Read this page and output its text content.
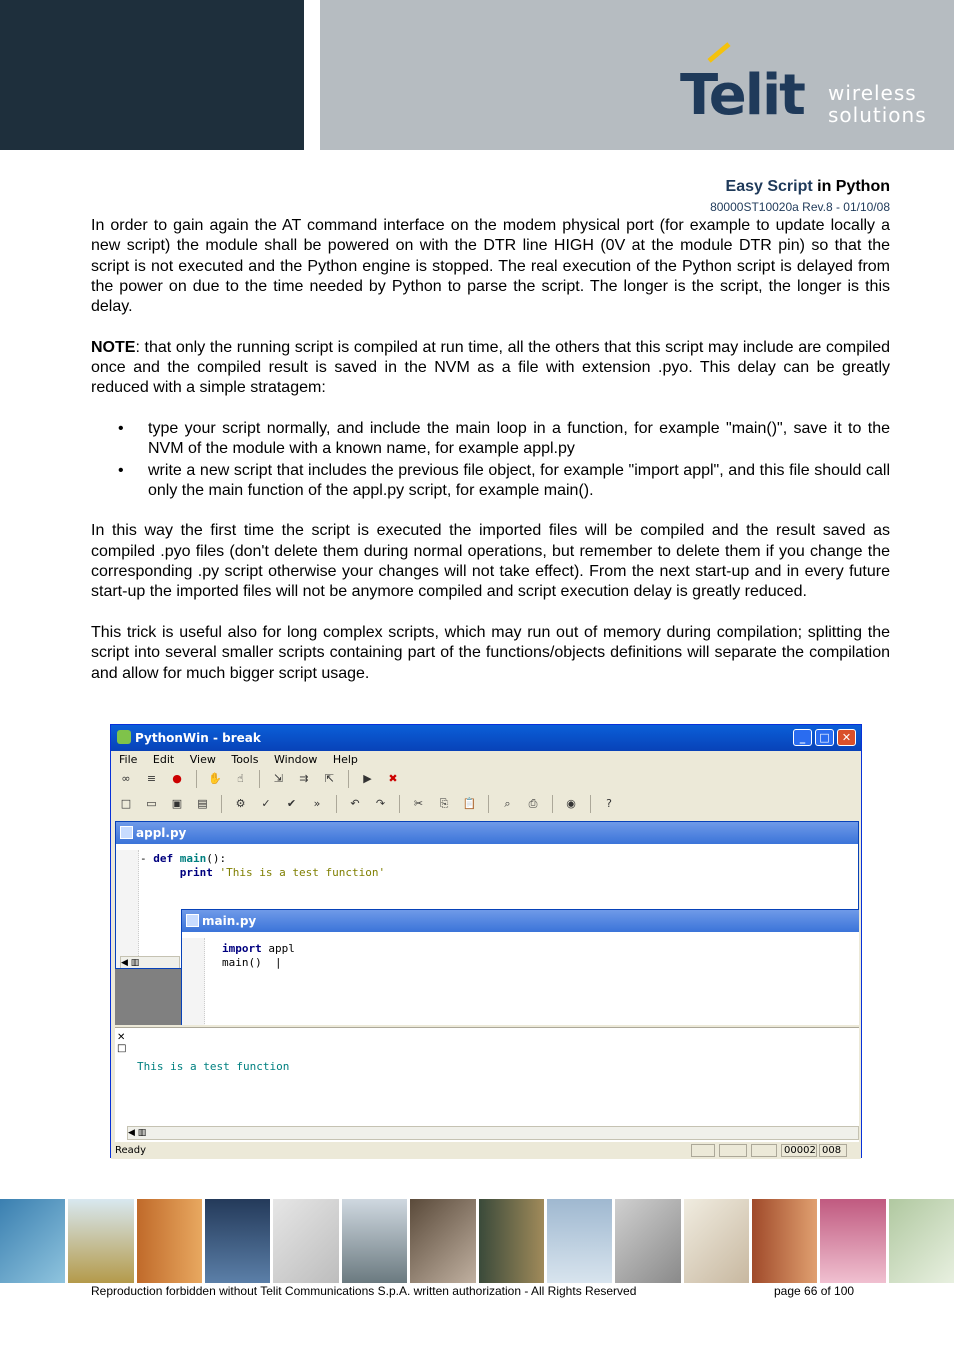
Telit wireless
solutions
Easy Script in Python
80000ST10020a Rev.8 - 01/10/08

In order to gain again the AT command interface on the modem physical port (for example to update locally a new script) the module shall be powered on with the DTR line HIGH (0V at the module DTR pin) so that the script is not executed and the Python engine is stopped. The real execution of the Python script is delayed from the power on due to the time needed by Python to parse the script. The longer is the script, the longer is this delay.

NOTE: that only the running script is compiled at run time, all the others that this script may include are compiled once and the compiled result is saved in the NVM as a file with extension .pyo. This delay can be greatly reduced with a simple stratagem:

• type your script normally, and include the main loop in a function, for example "main()", save it to the NVM of the module with a known name, for example appl.py
• write a new script that includes the previous file object, for example "import appl", and this file should call only the main function of the appl.py script, for example main().

In this way the first time the script is executed the imported files will be compiled and the result saved as compiled .pyo files (don't delete them during normal operations, but remember to delete them if you change the corresponding .py script otherwise your changes will not take effect). From the next start-up and in every future start-up the imported files will not be anymore compiled and script execution delay is greatly reduced.

This trick is useful also for long complex scripts, which may run out of memory during compilation; splitting the script into several smaller scripts containing part of the functions/objects definitions will separate the compilation and allow for much bigger script usage.

PythonWin - break	_	□	✕
File Edit View Tools Window Help
∞ ≡ ● ✋ ☝	⇲ ⇉ ⇱	▶ ✖
□ ▭ ▣ ▤	⚙ ✓ ✔ »	↶ ↷	✂ ⎘ 📋	⌕ ⎙	◉	?
appl.py
- def main():
print 'This is a test function'
◀ ▥
main.py
import appl
main()  |
✕
□
This is a test function
◀ ▥
Ready	00002 008
Reproduction forbidden without Telit Communications S.p.A. written authorization - All Rights Reserved	page 66 of 100
